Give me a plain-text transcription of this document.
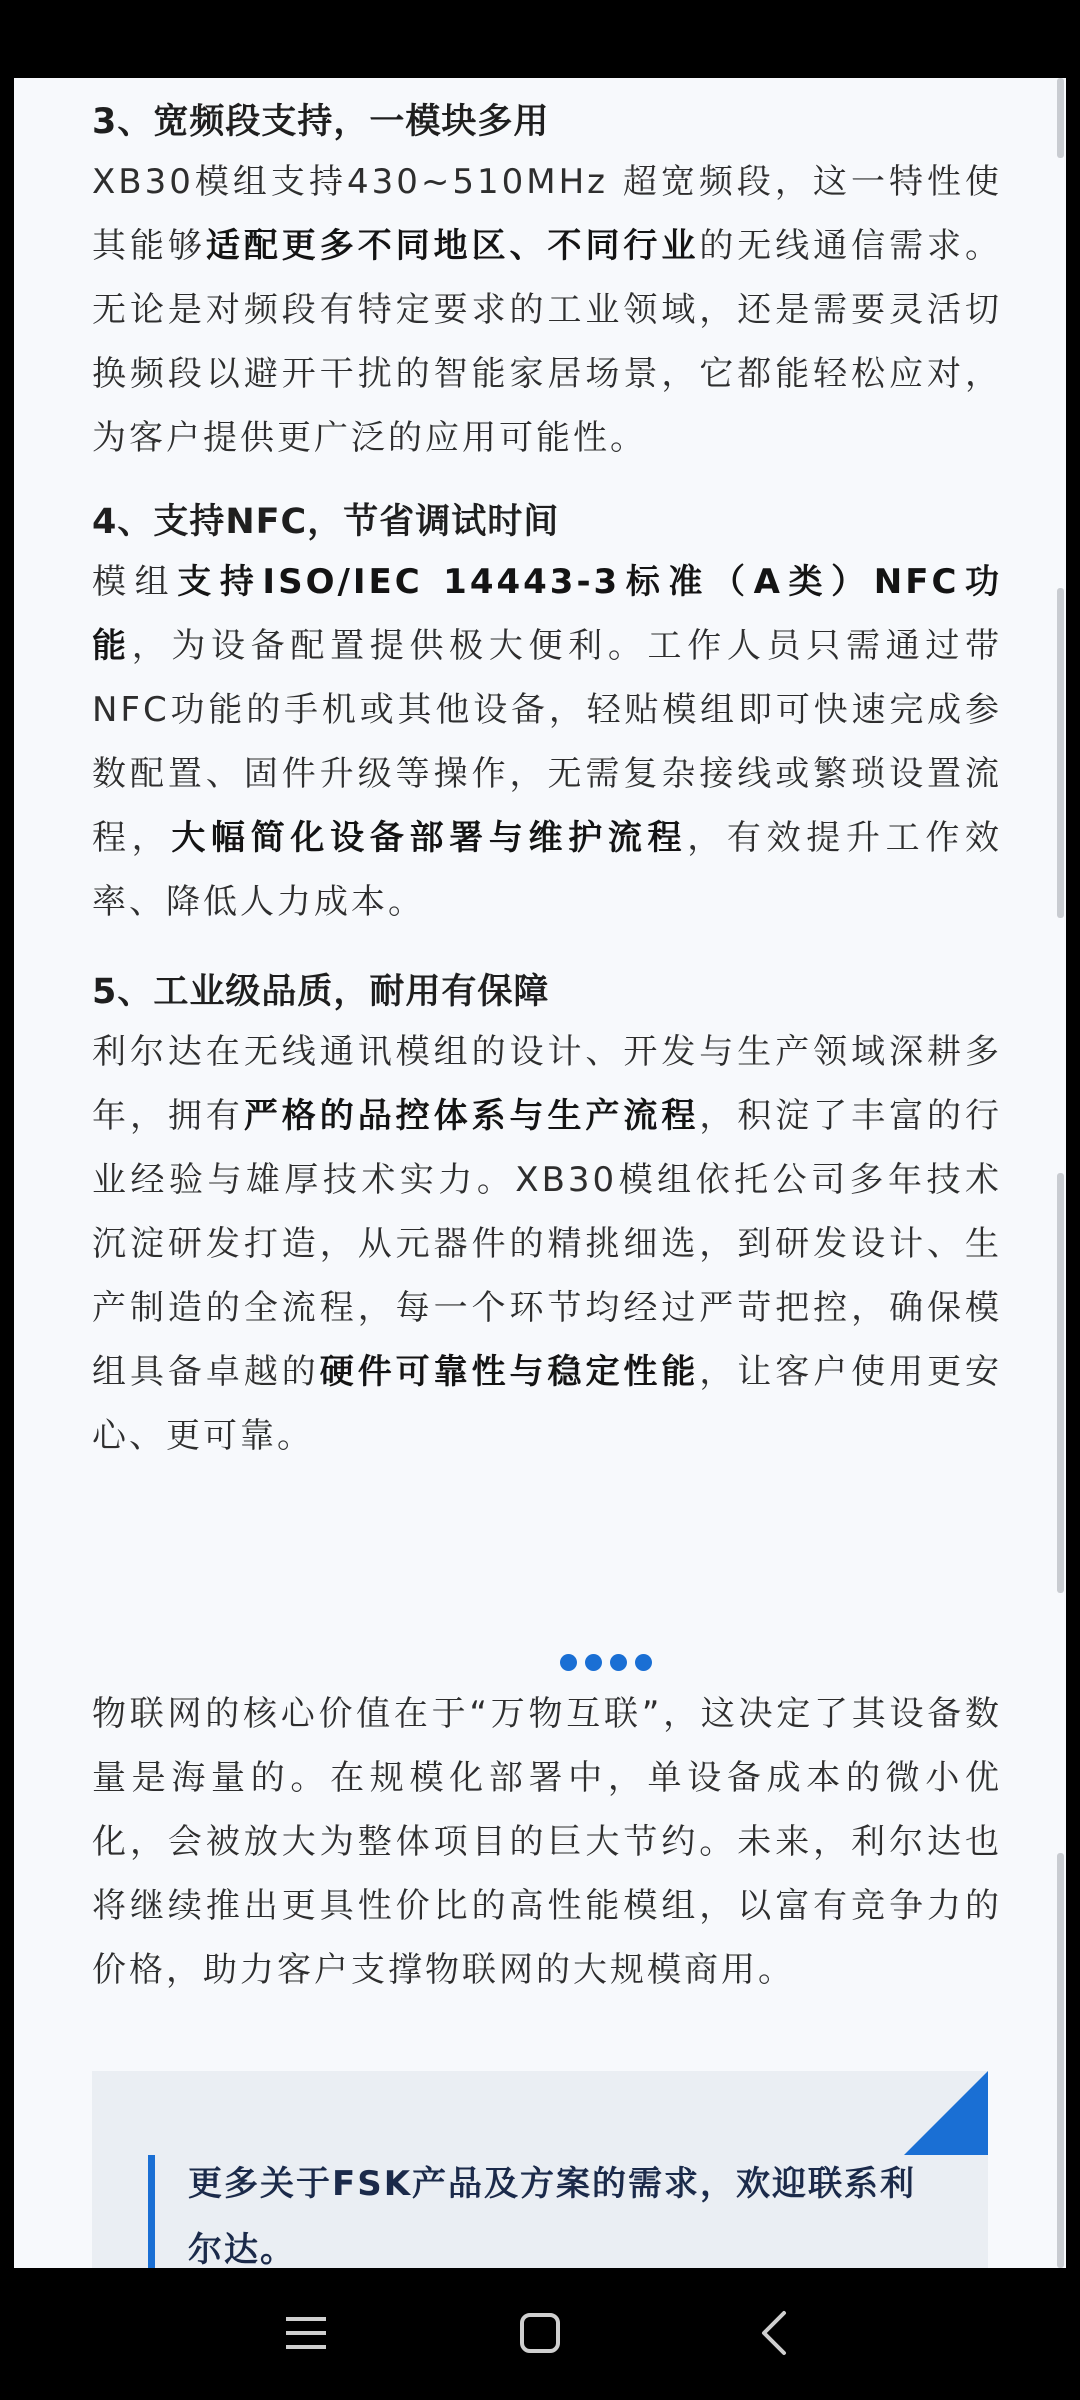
3、宽频段支持，一模块多用

XB30模组支持430~510MHz 超宽频段，这一特性使其能够适配更多不同地区、不同行业的无线通信需求。无论是对频段有特定要求的工业领域，还是需要灵活切换频段以避开干扰的智能家居场景，它都能轻松应对，为客户提供更广泛的应用可能性。

4、支持NFC，节省调试时间

模组支持ISO/IEC 14443-3标准（A类）NFC功能，为设备配置提供极大便利。工作人员只需通过带NFC功能的手机或其他设备，轻贴模组即可快速完成参数配置、固件升级等操作，无需复杂接线或繁琐设置流程，大幅简化设备部署与维护流程，有效提升工作效率、降低人力成本。

5、工业级品质，耐用有保障

利尔达在无线通讯模组的设计、开发与生产领域深耕多年，拥有严格的品控体系与生产流程，积淀了丰富的行业经验与雄厚技术实力。XB30模组依托公司多年技术沉淀研发打造，从元器件的精挑细选，到研发设计、生产制造的全流程，每一个环节均经过严苛把控，确保模组具备卓越的硬件可靠性与稳定性能，让客户使用更安心、更可靠。

物联网的核心价值在于“万物互联”，这决定了其设备数量是海量的。在规模化部署中，单设备成本的微小优化，会被放大为整体项目的巨大节约。未来，利尔达也将继续推出更具性价比的高性能模组，以富有竞争力的价格，助力客户支撑物联网的大规模商用。

更多关于FSK产品及方案的需求，欢迎联系利尔达。
